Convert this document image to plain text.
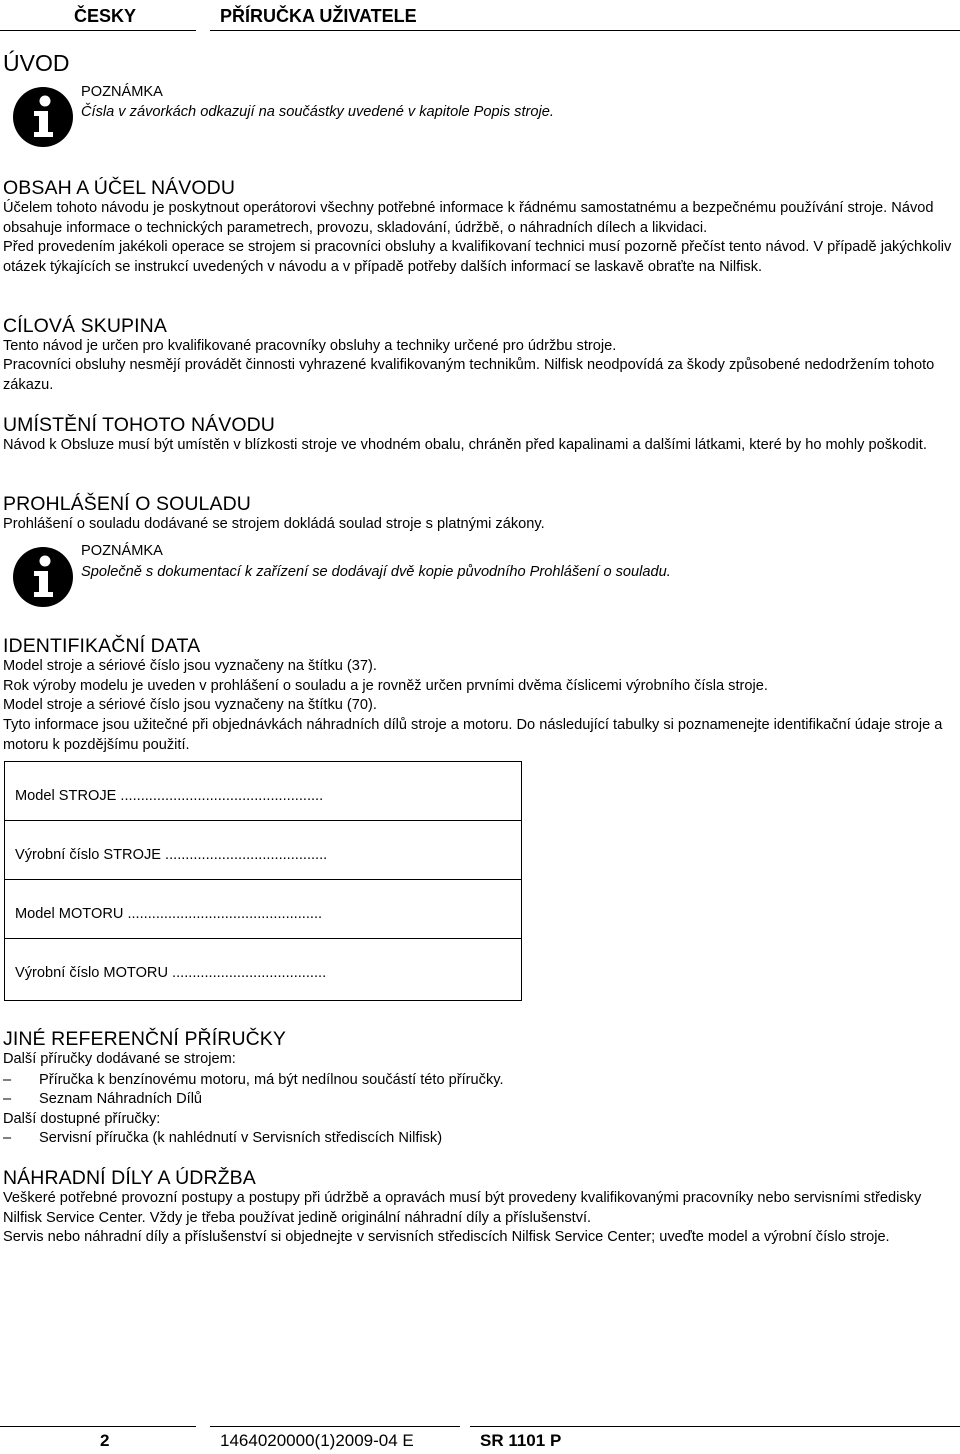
ČESKY	PŘÍRUČKA UŽIVATELE
ÚVOD
POZNÁMKA
Čísla v závorkách odkazují na součástky uvedené v kapitole Popis stroje.
OBSAH A ÚČEL NÁVODU

Účelem tohoto návodu je poskytnout operátorovi všechny potřebné informace k řádnému samostatnému a bezpečnému používání stroje. Návod obsahuje informace o technických parametrech, provozu, skladování, údržbě, o náhradních dílech a likvidaci.

Před provedením jakékoli operace se strojem si pracovníci obsluhy a kvalifikovaní technici musí pozorně přečíst tento návod. V případě jakýchkoliv otázek týkajících se instrukcí uvedených v návodu a v případě potřeby dalších informací se laskavě obraťte na Nilfisk.

CÍLOVÁ SKUPINA

Tento návod je určen pro kvalifikované pracovníky obsluhy a techniky určené pro údržbu stroje.

Pracovníci obsluhy nesmějí provádět činnosti vyhrazené kvalifikovaným technikům. Nilfisk neodpovídá za škody způsobené nedodržením tohoto zákazu.

UMÍSTĚNÍ TOHOTO NÁVODU

Návod k Obsluze musí být umístěn v blízkosti stroje ve vhodném obalu, chráněn před kapalinami a dalšími látkami, které by ho mohly poškodit.

PROHLÁŠENÍ O SOULADU

Prohlášení o souladu dodávané se strojem dokládá soulad stroje s platnými zákony.

POZNÁMKA
Společně s dokumentací k zařízení se dodávají dvě kopie původního Prohlášení o souladu.
IDENTIFIKAČNÍ DATA

Model stroje a sériové číslo jsou vyznačeny na štítku (37).

Rok výroby modelu je uveden v prohlášení o souladu a je rovněž určen prvními dvěma číslicemi výrobního čísla stroje.

Model stroje a sériové číslo jsou vyznačeny na štítku (70).

Tyto informace jsou užitečné při objednávkách náhradních dílů stroje a motoru. Do následující tabulky si poznamenejte identifikační údaje stroje a motoru k pozdějšímu použití.

Model STROJE ..................................................
Výrobní číslo STROJE ........................................
Model MOTORU ................................................
Výrobní číslo MOTORU ......................................
JINÉ REFERENČNÍ PŘÍRUČKY

Další příručky dodávané se strojem:

– Příručka k benzínovému motoru, má být nedílnou součástí této příručky.
– Seznam Náhradních Dílů

Další dostupné příručky:

– Servisní příručka (k nahlédnutí v Servisních střediscích Nilfisk)
NÁHRADNÍ DÍLY A ÚDRŽBA

Veškeré potřebné provozní postupy a postupy při údržbě a opravách musí být provedeny kvalifikovanými pracovníky nebo servisními středisky Nilfisk Service Center. Vždy je třeba používat jedině originální náhradní díly a příslušenství.

Servis nebo náhradní díly a příslušenství si objednejte v servisních střediscích Nilfisk Service Center; uveďte model a výrobní číslo stroje.

2	1464020000(1)2009-04 E	SR 1101 P
